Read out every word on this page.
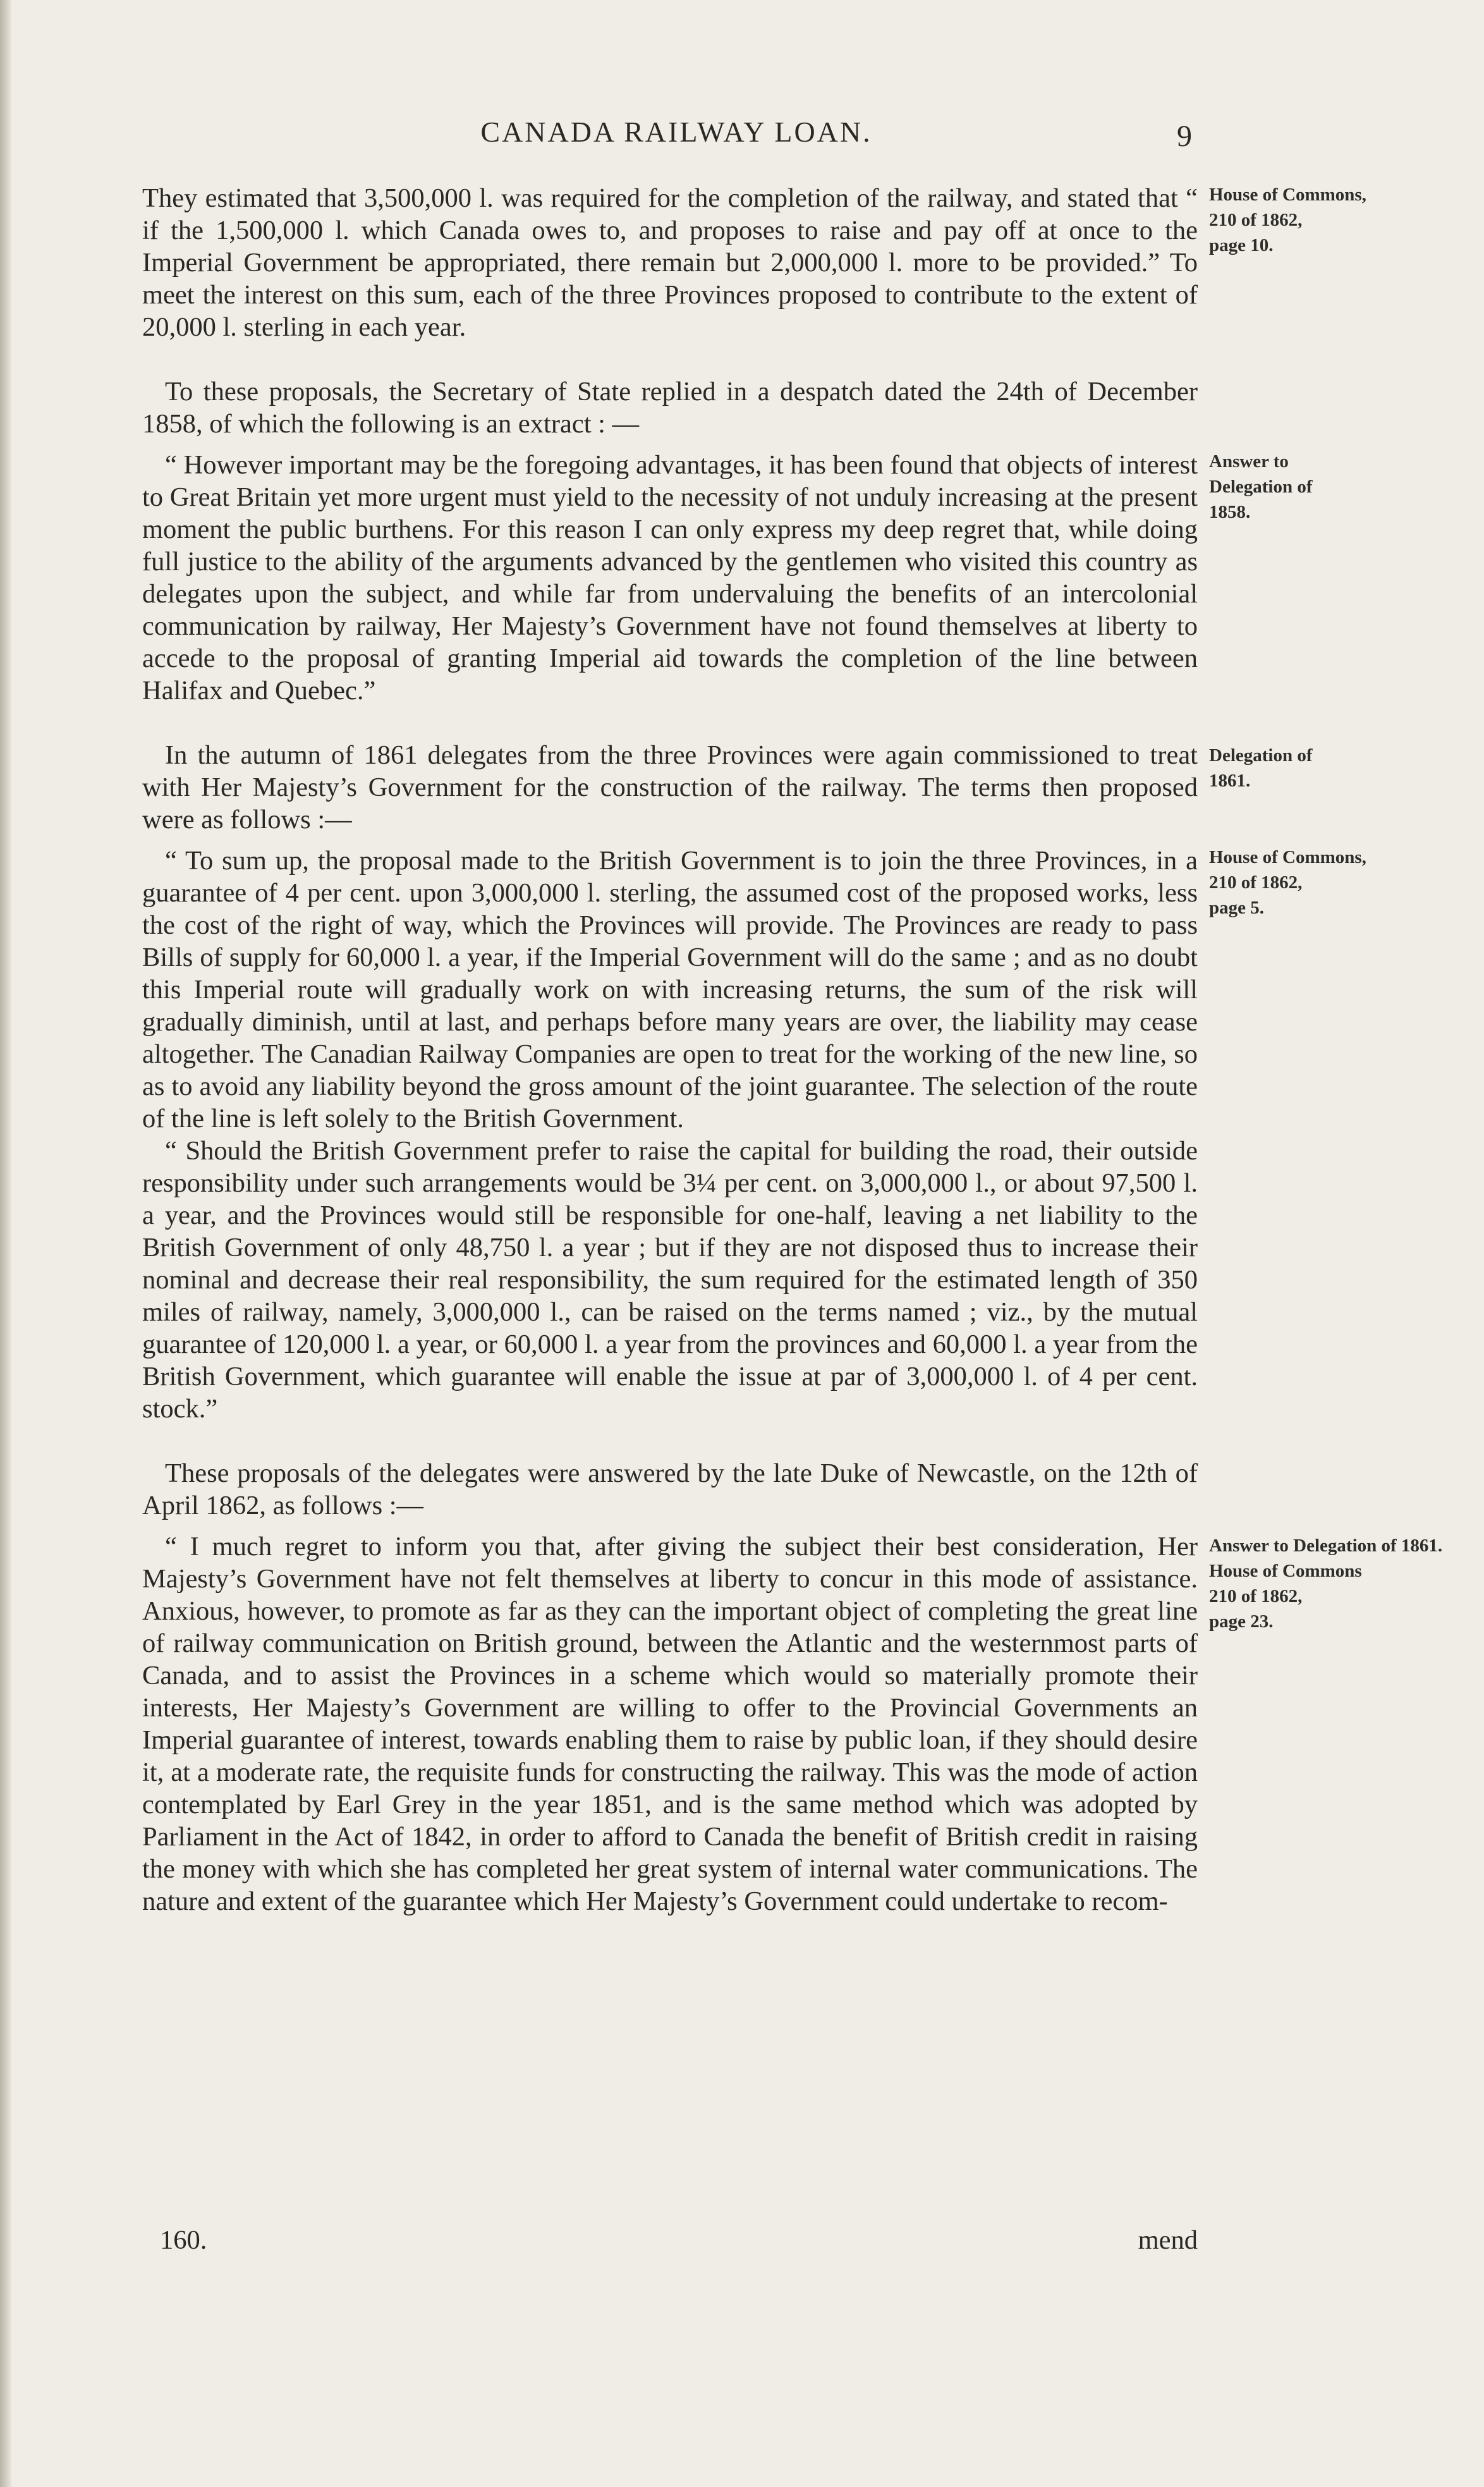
CANADA RAILWAY LOAN.	9

They estimated that 3,500,000 l. was required for the completion of the railway, and stated that “ if the 1,500,000 l. which Canada owes to, and proposes to raise and pay off at once to the Imperial Government be appropriated, there remain but 2,000,000 l. more to be provided.” To meet the interest on this sum, each of the three Provinces proposed to contribute to the extent of 20,000 l. sterling in each year.

House of Commons,
210 of 1862,
page 10.

To these proposals, the Secretary of State replied in a despatch dated the 24th of December 1858, of which the following is an extract : —

“ However important may be the foregoing advantages, it has been found that objects of interest to Great Britain yet more urgent must yield to the necessity of not unduly increasing at the present moment the public burthens. For this reason I can only express my deep regret that, while doing full justice to the ability of the arguments advanced by the gentlemen who visited this country as delegates upon the subject, and while far from undervaluing the benefits of an intercolonial communication by railway, Her Majesty’s Government have not found themselves at liberty to accede to the proposal of granting Imperial aid towards the completion of the line between Halifax and Quebec.”

Answer to
Delegation of
1858.

In the autumn of 1861 delegates from the three Provinces were again commissioned to treat with Her Majesty’s Government for the construction of the railway. The terms then proposed were as follows :—

Delegation of
1861.

“ To sum up, the proposal made to the British Government is to join the three Provinces, in a guarantee of 4 per cent. upon 3,000,000 l. sterling, the assumed cost of the proposed works, less the cost of the right of way, which the Provinces will provide. The Provinces are ready to pass Bills of supply for 60,000 l. a year, if the Imperial Government will do the same ; and as no doubt this Imperial route will gradually work on with increasing returns, the sum of the risk will gradually diminish, until at last, and perhaps before many years are over, the liability may cease altogether. The Canadian Railway Companies are open to treat for the working of the new line, so as to avoid any liability beyond the gross amount of the joint guarantee. The selection of the route of the line is left solely to the British Government.

House of Commons,
210 of 1862,
page 5.

“ Should the British Government prefer to raise the capital for building the road, their outside responsibility under such arrangements would be 3¼ per cent. on 3,000,000 l., or about 97,500 l. a year, and the Provinces would still be responsible for one-half, leaving a net liability to the British Government of only 48,750 l. a year ; but if they are not disposed thus to increase their nominal and decrease their real responsibility, the sum required for the estimated length of 350 miles of railway, namely, 3,000,000 l., can be raised on the terms named ; viz., by the mutual guarantee of 120,000 l. a year, or 60,000 l. a year from the provinces and 60,000 l. a year from the British Government, which guarantee will enable the issue at par of 3,000,000 l. of 4 per cent. stock.”

These proposals of the delegates were answered by the late Duke of Newcastle, on the 12th of April 1862, as follows :—

“ I much regret to inform you that, after giving the subject their best consideration, Her Majesty’s Government have not felt themselves at liberty to concur in this mode of assistance. Anxious, however, to promote as far as they can the important object of completing the great line of railway communication on British ground, between the Atlantic and the westernmost parts of Canada, and to assist the Provinces in a scheme which would so materially promote their interests, Her Majesty’s Government are willing to offer to the Provincial Governments an Imperial guarantee of interest, towards enabling them to raise by public loan, if they should desire it, at a moderate rate, the requisite funds for constructing the railway. This was the mode of action contemplated by Earl Grey in the year 1851, and is the same method which was adopted by Parliament in the Act of 1842, in order to afford to Canada the benefit of British credit in raising the money with which she has completed her great system of internal water communications. The nature and extent of the guarantee which Her Majesty’s Government could undertake to recom-

Answer to Delegation of 1861.
House of Commons
210 of 1862,
page 23.
160.	mend
